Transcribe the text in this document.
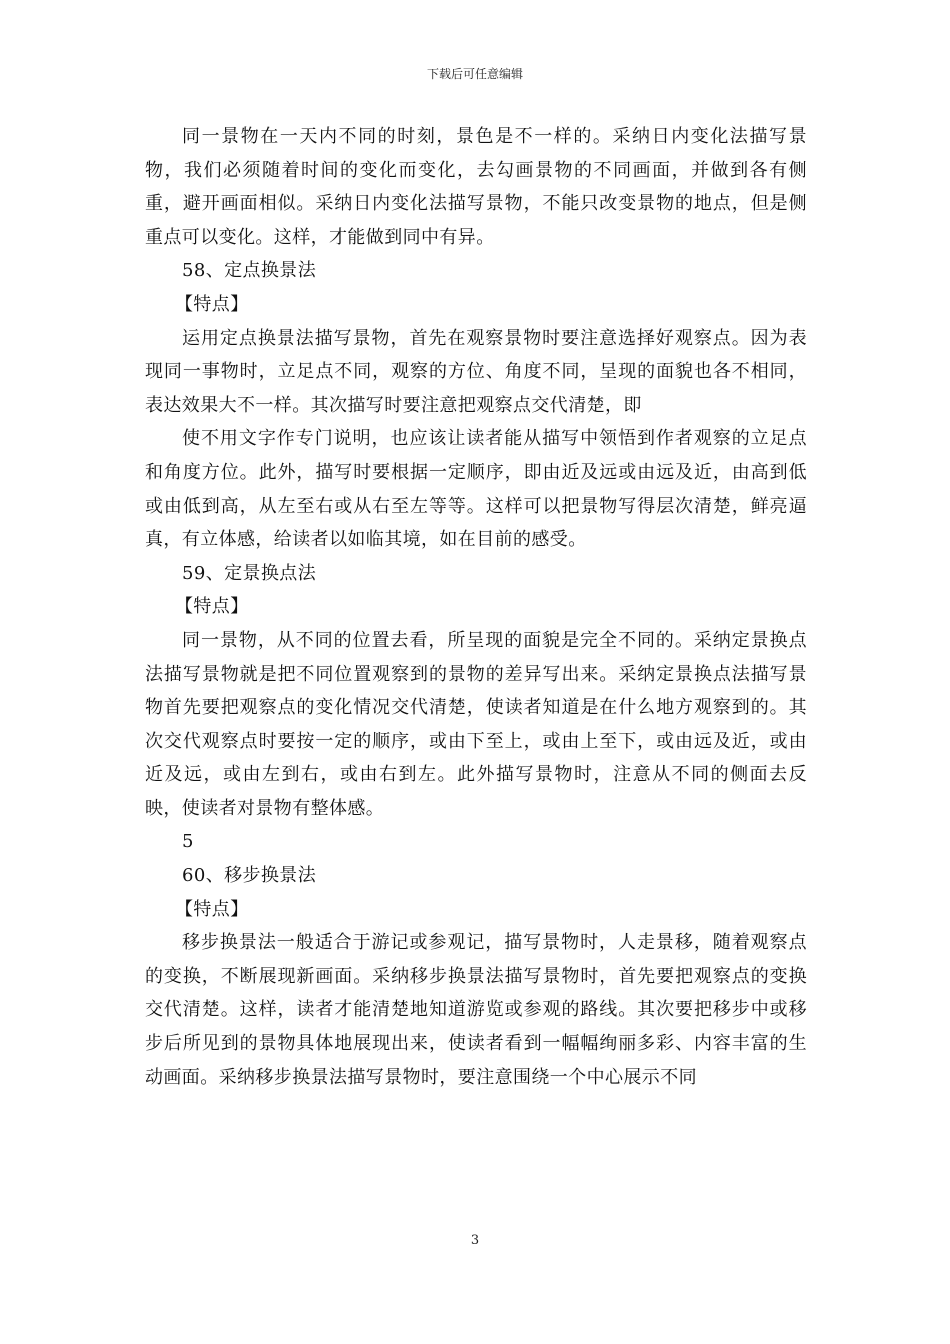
下载后可任意编辑

同一景物在一天内不同的时刻，景色是不一样的。采纳日内变化法描写景物，我们必须随着时间的变化而变化，去勾画景物的不同画面，并做到各有侧重，避开画面相似。采纳日内变化法描写景物，不能只改变景物的地点，但是侧重点可以变化。这样，才能做到同中有异。

58、定点换景法

【特点】

运用定点换景法描写景物，首先在观察景物时要注意选择好观察点。因为表现同一事物时，立足点不同，观察的方位、角度不同，呈现的面貌也各不相同，表达效果大不一样。其次描写时要注意把观察点交代清楚，即

使不用文字作专门说明，也应该让读者能从描写中领悟到作者观察的立足点和角度方位。此外，描写时要根据一定顺序，即由近及远或由远及近，由高到低或由低到高，从左至右或从右至左等等。这样可以把景物写得层次清楚，鲜亮逼真，有立体感，给读者以如临其境，如在目前的感受。

59、定景换点法

【特点】

同一景物，从不同的位置去看，所呈现的面貌是完全不同的。采纳定景换点法描写景物就是把不同位置观察到的景物的差异写出来。采纳定景换点法描写景物首先要把观察点的变化情况交代清楚，使读者知道是在什么地方观察到的。其次交代观察点时要按一定的顺序，或由下至上，或由上至下，或由远及近，或由近及远，或由左到右，或由右到左。此外描写景物时，注意从不同的侧面去反映，使读者对景物有整体感。

5

60、移步换景法

【特点】

移步换景法一般适合于游记或参观记，描写景物时，人走景移，随着观察点的变换，不断展现新画面。采纳移步换景法描写景物时，首先要把观察点的变换交代清楚。这样，读者才能清楚地知道游览或参观的路线。其次要把移步中或移步后所见到的景物具体地展现出来，使读者看到一幅幅绚丽多彩、内容丰富的生动画面。采纳移步换景法描写景物时，要注意围绕一个中心展示不同

3
